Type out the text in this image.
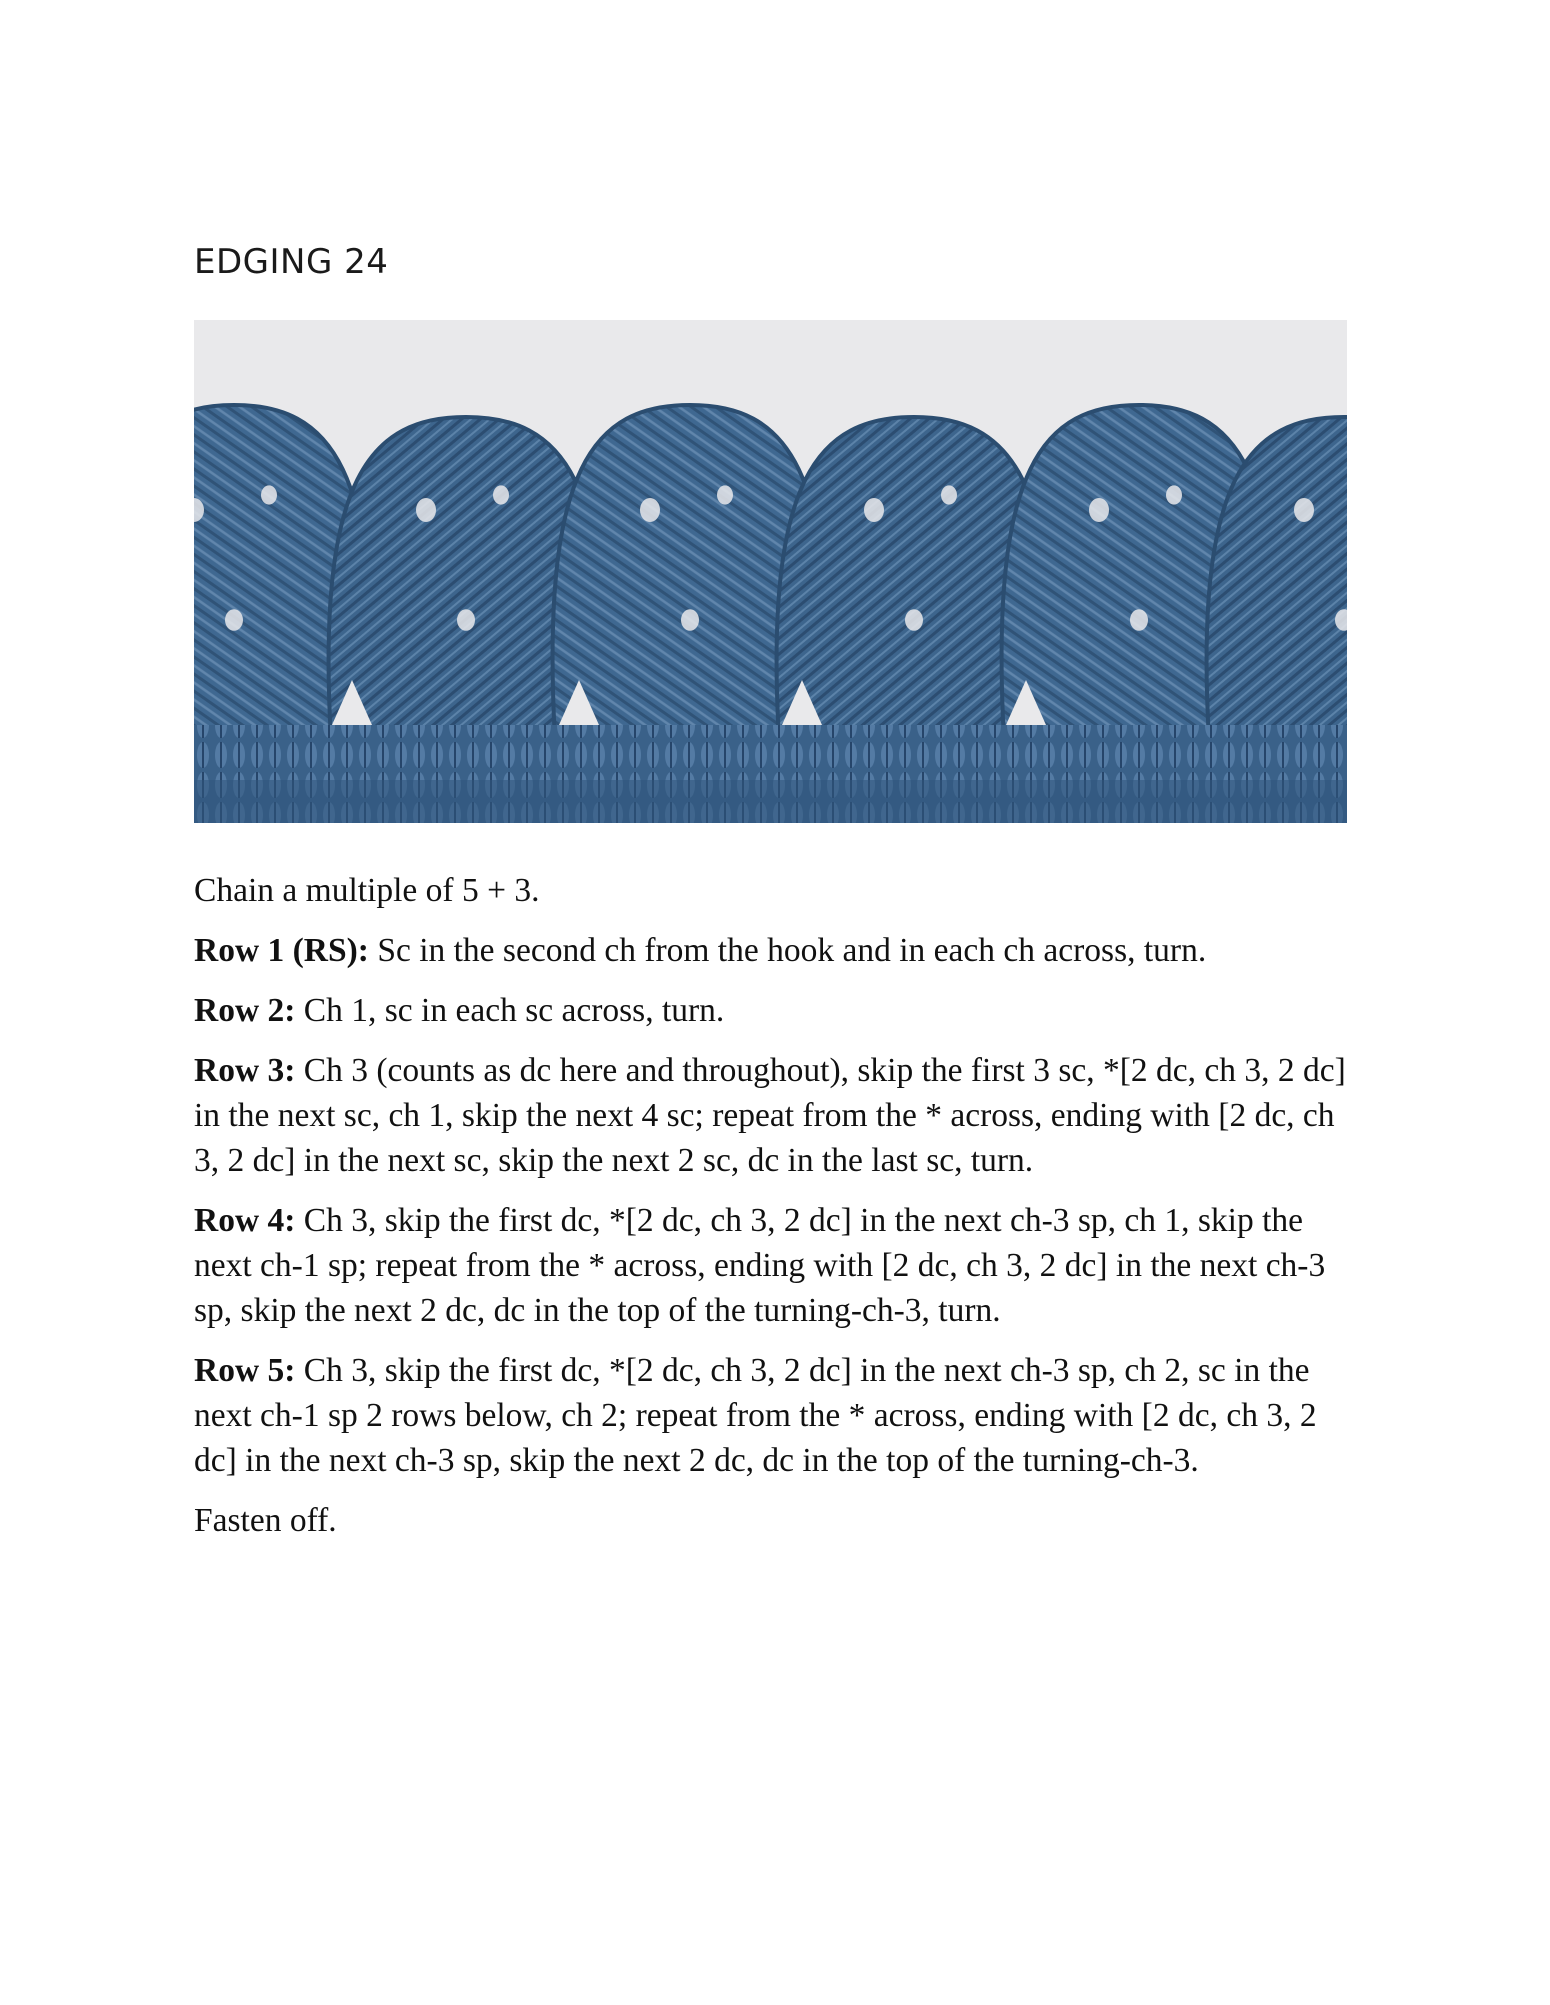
EDGING 24

Chain a multiple of 5 + 3.

Row 1 (RS): Sc in the second ch from the hook and in each ch across, turn.

Row 2: Ch 1, sc in each sc across, turn.

Row 3: Ch 3 (counts as dc here and throughout), skip the first 3 sc, *[2 dc, ch 3, 2 dc] in the next sc, ch 1, skip the next 4 sc; repeat from the * across, ending with [2 dc, ch 3, 2 dc] in the next sc, skip the next 2 sc, dc in the last sc, turn.

Row 4: Ch 3, skip the first dc, *[2 dc, ch 3, 2 dc] in the next ch-3 sp, ch 1, skip the next ch-1 sp; repeat from the * across, ending with [2 dc, ch 3, 2 dc] in the next ch-3 sp, skip the next 2 dc, dc in the top of the turning-ch-3, turn.

Row 5: Ch 3, skip the first dc, *[2 dc, ch 3, 2 dc] in the next ch-3 sp, ch 2, sc in the next ch-1 sp 2 rows below, ch 2; repeat from the * across, ending with [2 dc, ch 3, 2 dc] in the next ch-3 sp, skip the next 2 dc, dc in the top of the turning-ch-3.

Fasten off.
